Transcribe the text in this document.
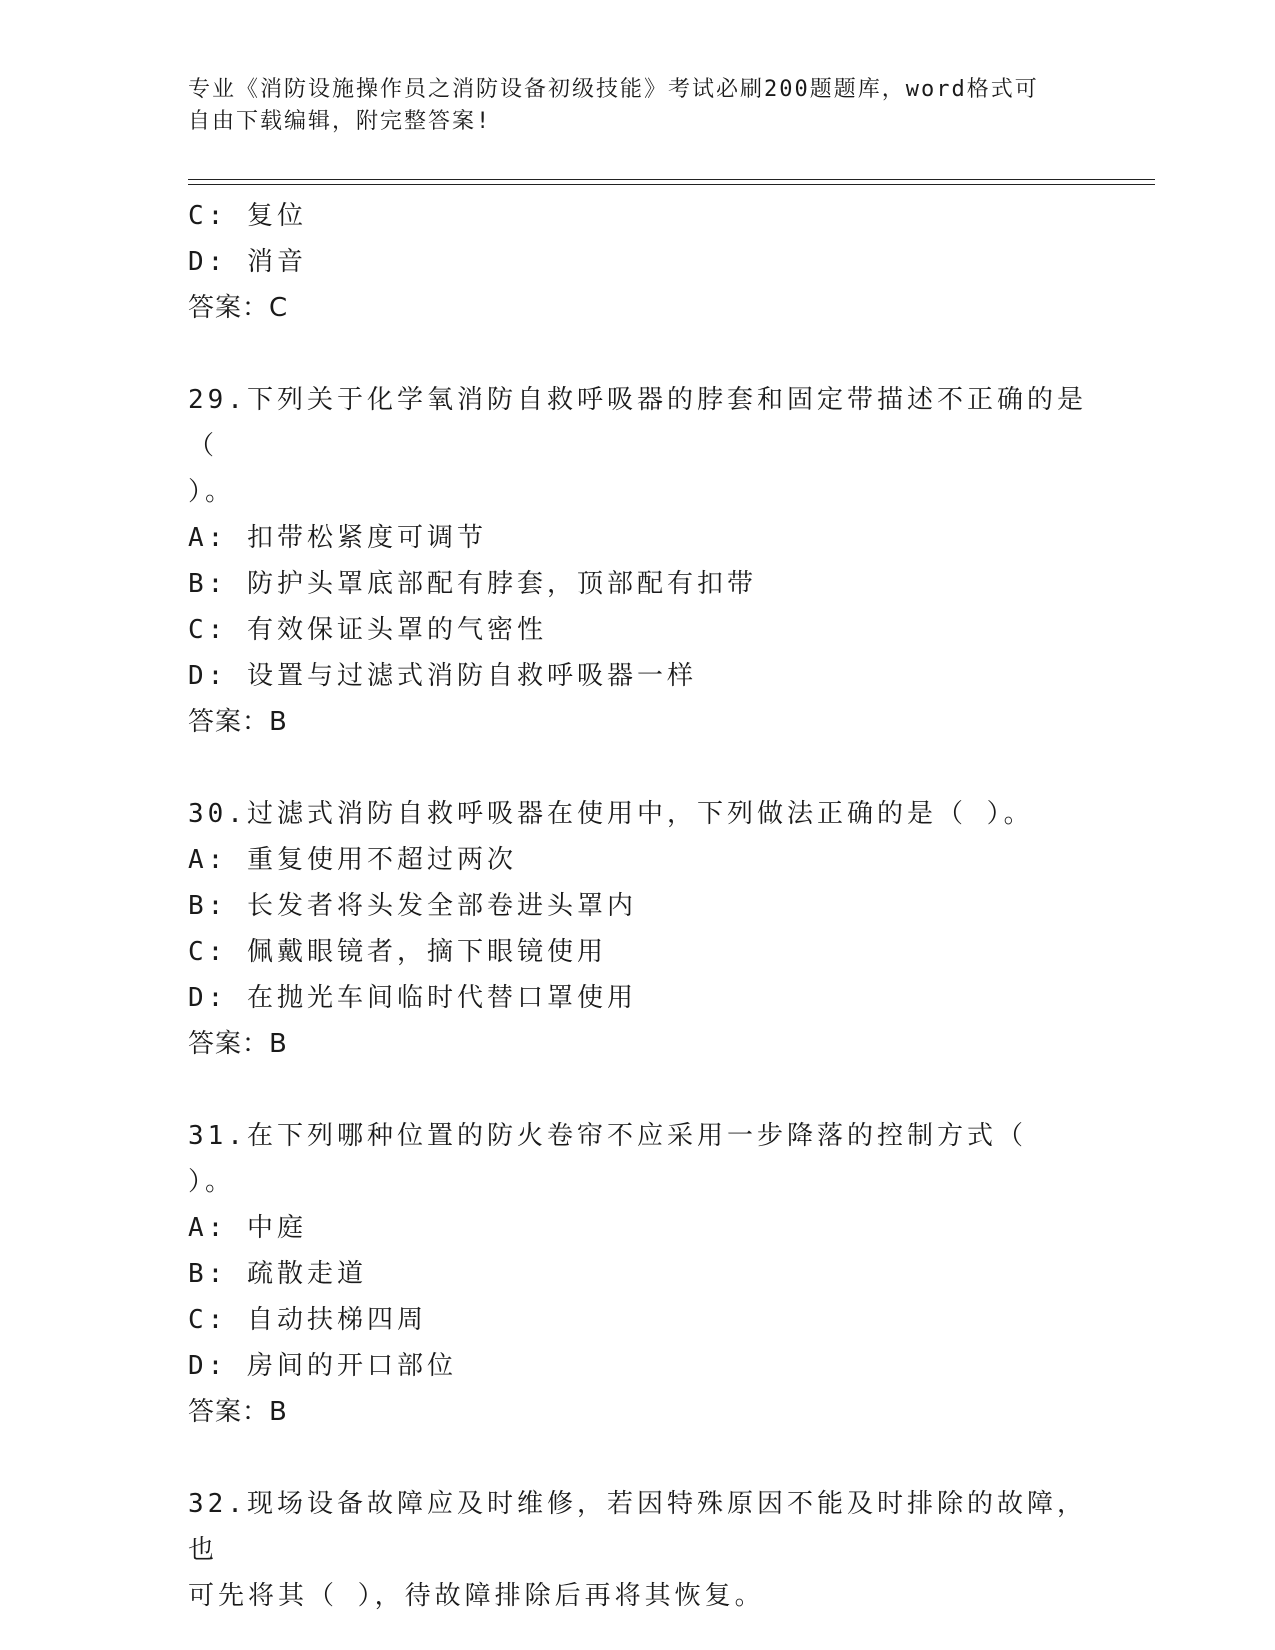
专业《消防设施操作员之消防设备初级技能》考试必刷200题题库，word格式可
自由下载编辑，附完整答案!
C: 复位
D: 消音
答案：C
29.下列关于化学氧消防自救呼吸器的脖套和固定带描述不正确的是（
）。
A: 扣带松紧度可调节
B: 防护头罩底部配有脖套，顶部配有扣带
C: 有效保证头罩的气密性
D: 设置与过滤式消防自救呼吸器一样
答案：B
30.过滤式消防自救呼吸器在使用中，下列做法正确的是（ ）。
A: 重复使用不超过两次
B: 长发者将头发全部卷进头罩内
C: 佩戴眼镜者，摘下眼镜使用
D: 在抛光车间临时代替口罩使用
答案：B
31.在下列哪种位置的防火卷帘不应采用一步降落的控制方式（ ）。
A: 中庭
B: 疏散走道
C: 自动扶梯四周
D: 房间的开口部位
答案：B
32.现场设备故障应及时维修，若因特殊原因不能及时排除的故障，也
可先将其（ ），待故障排除后再将其恢复。
